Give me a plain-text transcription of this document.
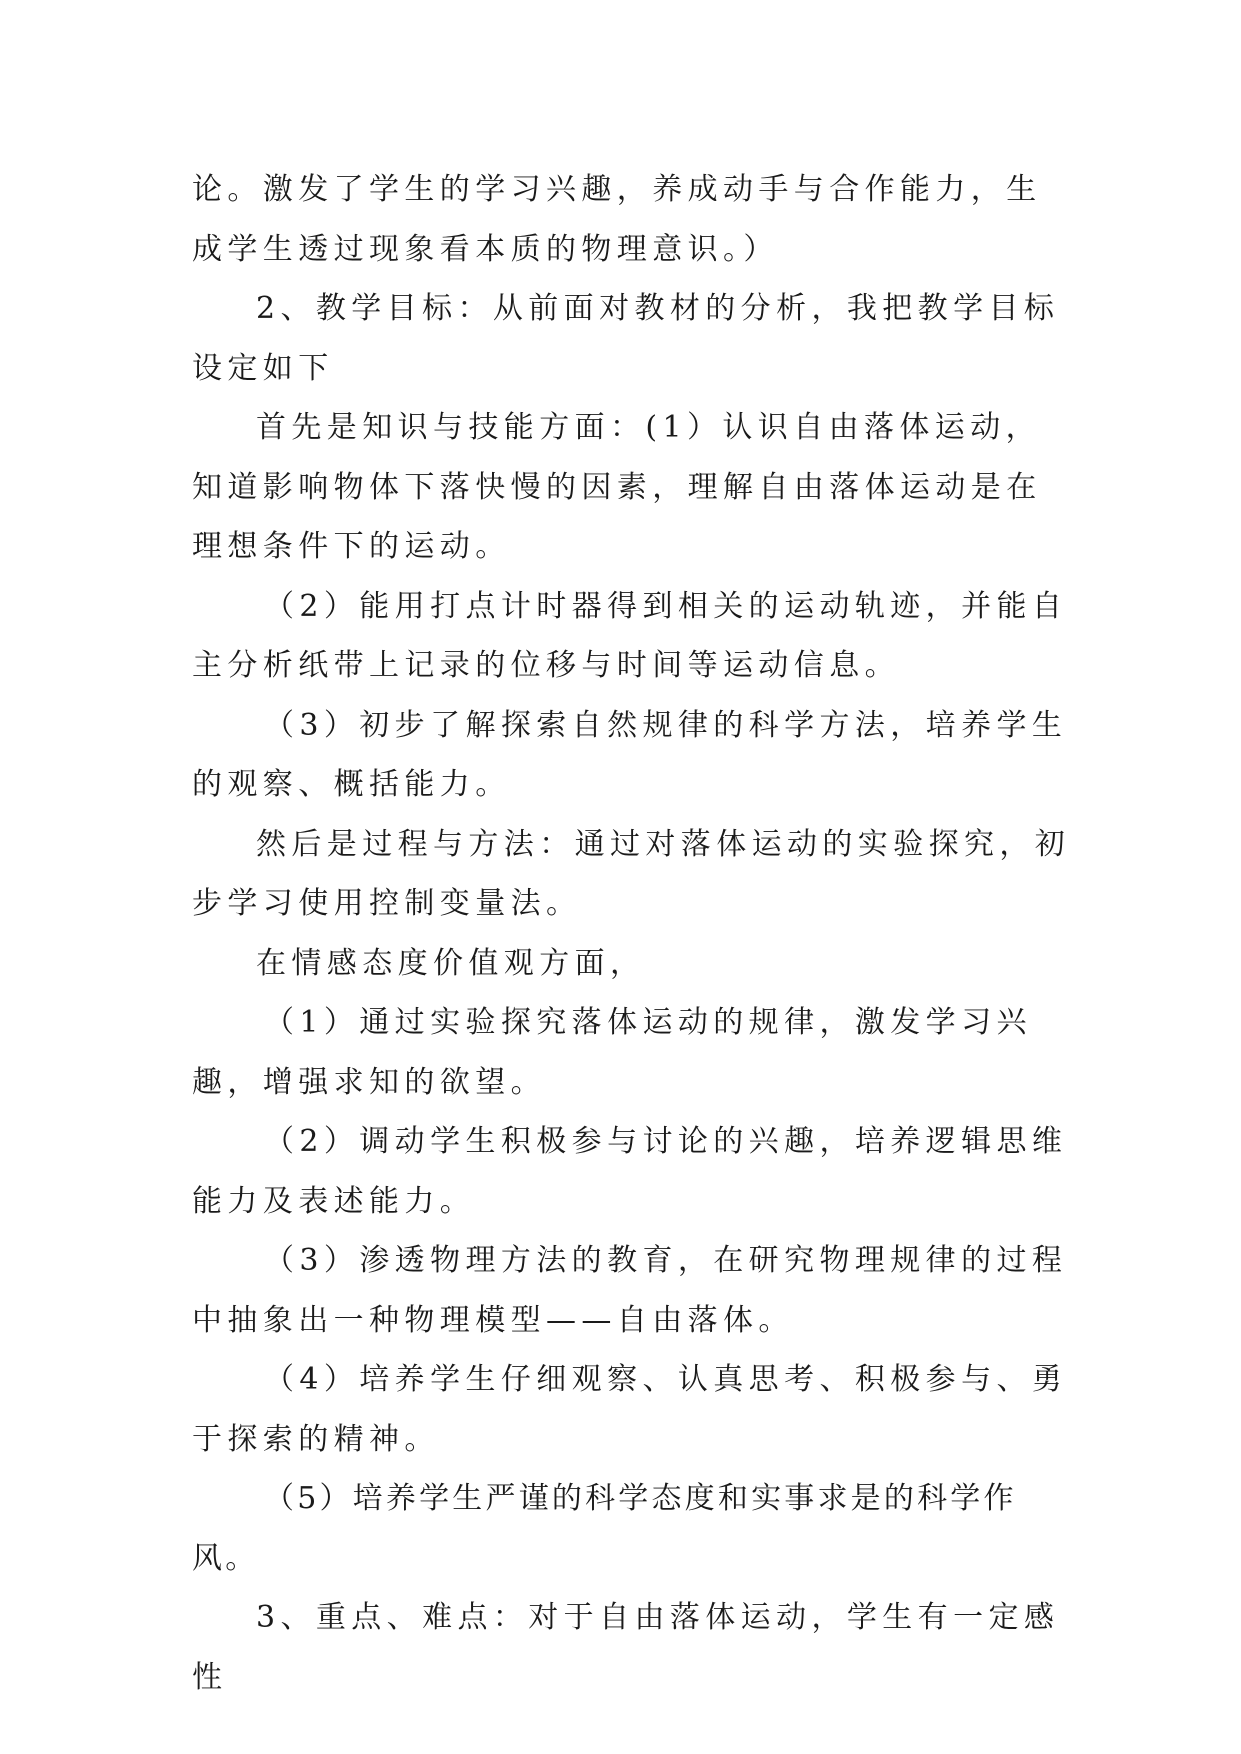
论。激发了学生的学习兴趣，养成动手与合作能力，生成学生透过现象看本质的物理意识。）

2、教学目标：从前面对教材的分析，我把教学目标设定如下

首先是知识与技能方面：(1）认识自由落体运动，知道影响物体下落快慢的因素，理解自由落体运动是在理想条件下的运动。

（2）能用打点计时器得到相关的运动轨迹，并能自主分析纸带上记录的位移与时间等运动信息。

（3）初步了解探索自然规律的科学方法，培养学生的观察、概括能力。

然后是过程与方法：通过对落体运动的实验探究，初步学习使用控制变量法。

在情感态度价值观方面，

（1）通过实验探究落体运动的规律，激发学习兴趣，增强求知的欲望。

（2）调动学生积极参与讨论的兴趣，培养逻辑思维能力及表述能力。

（3）渗透物理方法的教育，在研究物理规律的过程中抽象出一种物理模型——自由落体。

（4）培养学生仔细观察、认真思考、积极参与、勇于探索的精神。

（5）培养学生严谨的科学态度和实事求是的科学作风。

3、重点、难点：对于自由落体运动，学生有一定感性
